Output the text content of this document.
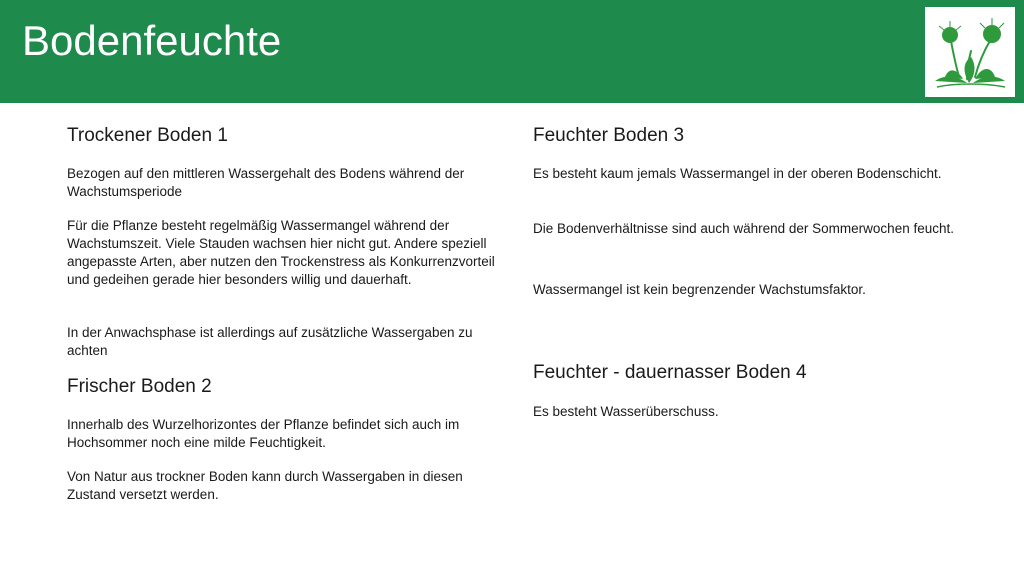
Bodenfeuchte
Trockener Boden 1

Bezogen auf den mittleren Wassergehalt des Bodens während der Wachstumsperiode

Für die Pflanze besteht regelmäßig Wassermangel während der Wachstumszeit. Viele Stauden wachsen hier nicht gut. Andere speziell angepasste Arten, aber nutzen den Trockenstress als Konkurrenzvorteil und gedeihen gerade hier besonders willig und dauerhaft.

In der Anwachsphase ist allerdings auf zusätzliche Wassergaben zu achten

Frischer Boden 2

Innerhalb des Wurzelhorizontes der Pflanze befindet sich auch im Hochsommer noch eine milde Feuchtigkeit.

Von Natur aus trockner Boden kann durch Wassergaben in diesen Zustand versetzt werden.

Feuchter Boden 3

Es besteht kaum jemals Wassermangel in der oberen Bodenschicht.

Die Bodenverhältnisse sind auch während der Sommerwochen feucht.

Wassermangel ist kein begrenzender Wachstumsfaktor.

Feuchter - dauernasser Boden 4

Es besteht Wasserüberschuss.
